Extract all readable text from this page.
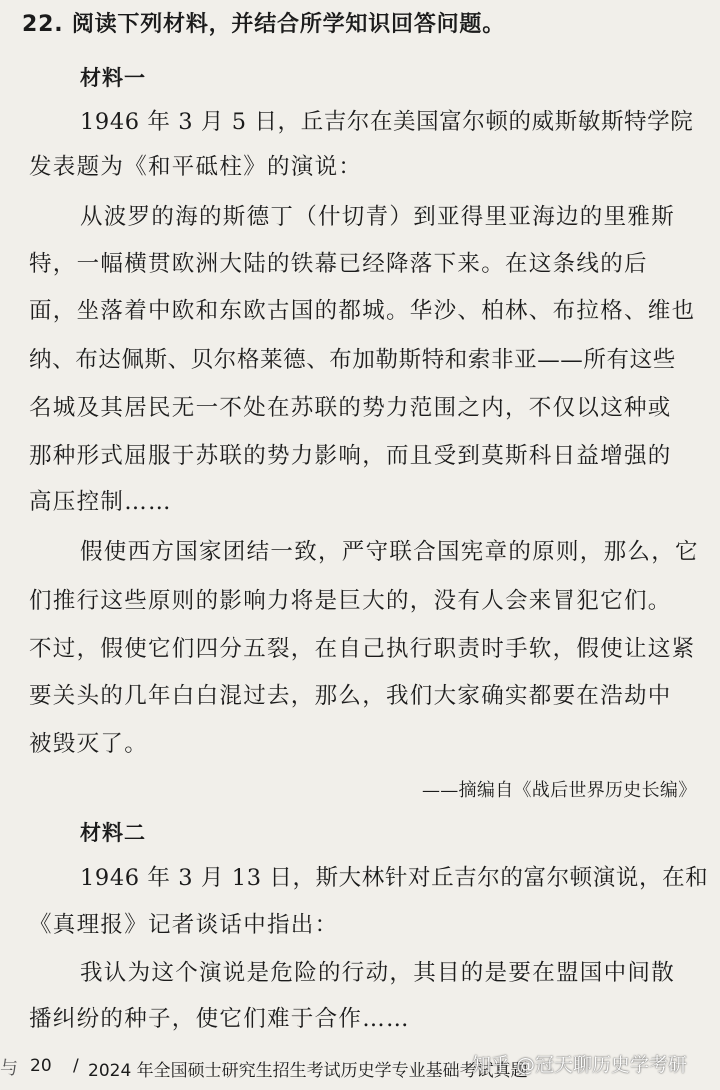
22. 阅读下列材料，并结合所学知识回答问题。
材料一
1946 年 3 月 5 日，丘吉尔在美国富尔顿的威斯敏斯特学院
发表题为《和平砥柱》的演说：
从波罗的海的斯德丁（什切青）到亚得里亚海边的里雅斯
特，一幅横贯欧洲大陆的铁幕已经降落下来。在这条线的后
面，坐落着中欧和东欧古国的都城。华沙、柏林、布拉格、维也
纳、布达佩斯、贝尔格莱德、布加勒斯特和索非亚——所有这些
名城及其居民无一不处在苏联的势力范围之内，不仅以这种或
那种形式屈服于苏联的势力影响，而且受到莫斯科日益增强的
高压控制……
假使西方国家团结一致，严守联合国宪章的原则，那么，它
们推行这些原则的影响力将是巨大的，没有人会来冒犯它们。
不过，假使它们四分五裂，在自己执行职责时手软，假使让这紧
要关头的几年白白混过去，那么，我们大家确实都要在浩劫中
被毁灭了。
——摘编自《战后世界历史长编》
材料二
1946 年 3 月 13 日，斯大林针对丘吉尔的富尔顿演说，在和
《真理报》记者谈话中指出：
我认为这个演说是危险的行动，其目的是要在盟国中间散
播纠纷的种子，使它们难于合作……
与 20 / 2024 年全国硕士研究生招生考试历史学专业基础考试真题
知乎 @冠天聊历史学考研
